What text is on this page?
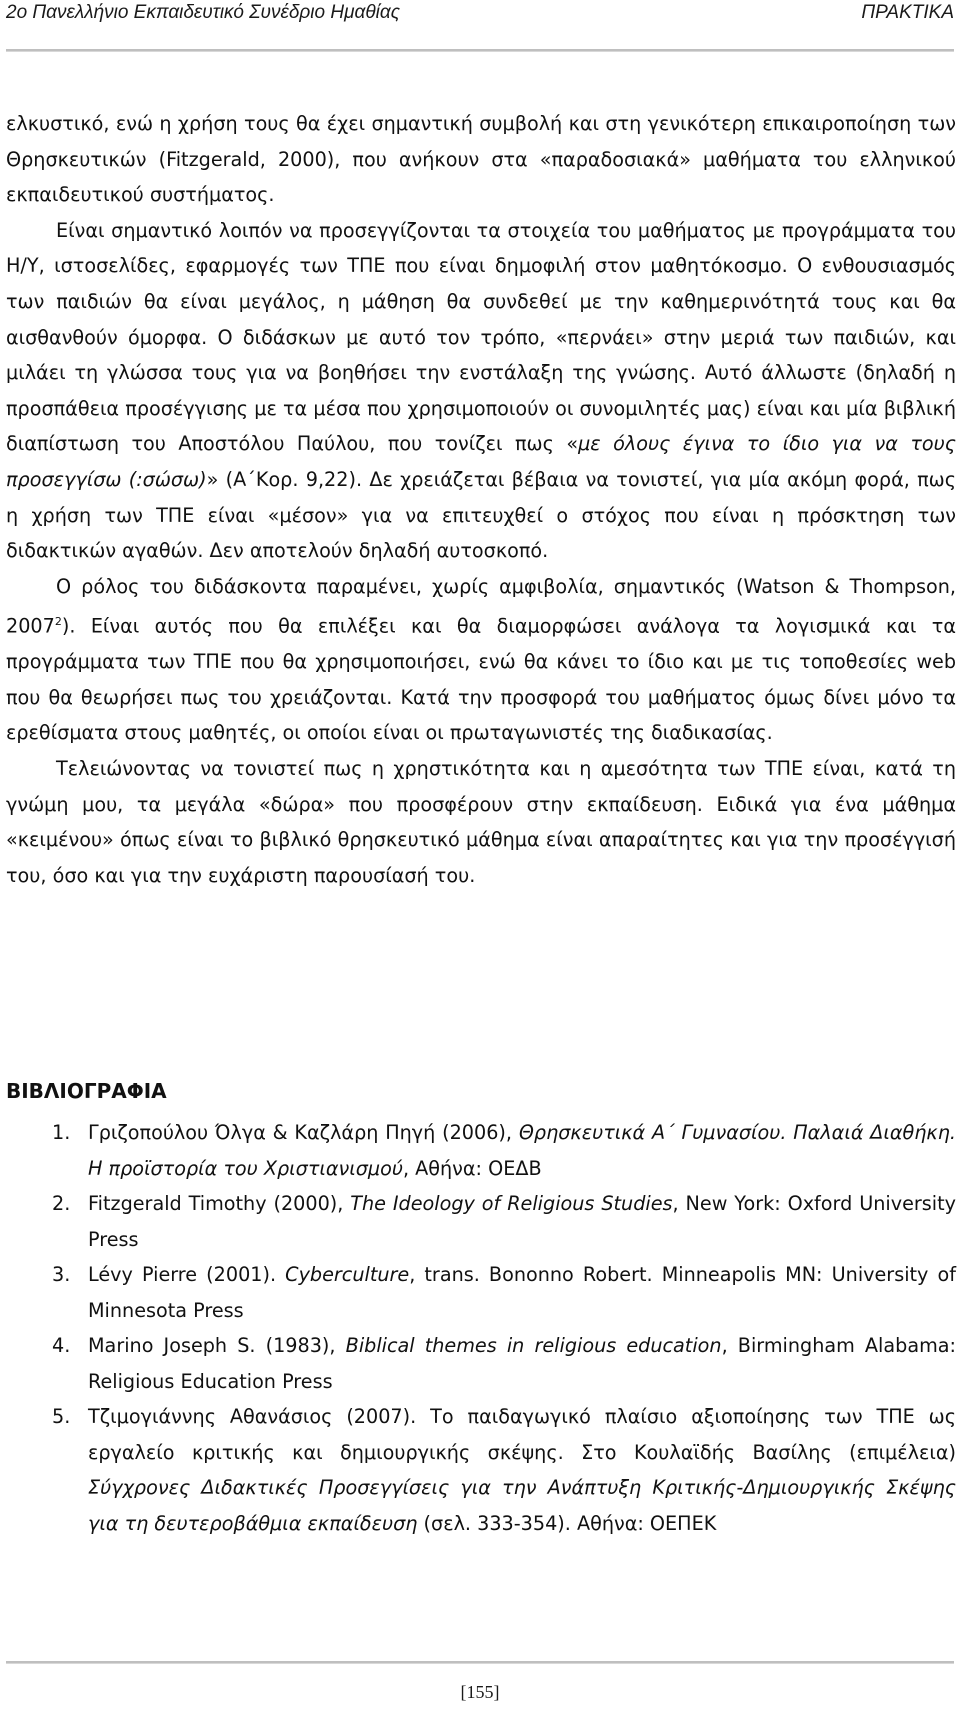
2o Πανελλήνιο Εκπαιδευτικό Συνέδριο Ημαθίας	ΠΡΑΚΤΙΚΑ

ελκυστικό, ενώ η χρήση τους θα έχει σημαντική συμβολή και στη γενικότερη επικαιροποίηση των Θρησκευτικών (Fitzgerald, 2000), που ανήκουν στα «παραδοσιακά» μαθήματα του ελληνικού εκπαιδευτικού συστήματος.

Είναι σημαντικό λοιπόν να προσεγγίζονται τα στοιχεία του μαθήματος με προγράμματα του Η/Υ, ιστοσελίδες, εφαρμογές των ΤΠΕ που είναι δημοφιλή στον μαθητόκοσμο. Ο ενθουσιασμός των παιδιών θα είναι μεγάλος, η μάθηση θα συνδεθεί με την καθημερινότητά τους και θα αισθανθούν όμορφα. Ο διδάσκων με αυτό τον τρόπο, «περνάει» στην μεριά των παιδιών, και μιλάει τη γλώσσα τους για να βοηθήσει την ενστάλαξη της γνώσης. Αυτό άλλωστε (δηλαδή η προσπάθεια προσέγγισης με τα μέσα που χρησιμοποιούν οι συνομιλητές μας) είναι και μία βιβλική διαπίστωση του Αποστόλου Παύλου, που τονίζει πως «με όλους έγινα το ίδιο για να τους προσεγγίσω (:σώσω)» (Α΄Κορ. 9,22). Δε χρειάζεται βέβαια να τονιστεί, για μία ακόμη φορά, πως η χρήση των ΤΠΕ είναι «μέσον» για να επιτευχθεί ο στόχος που είναι η πρόσκτηση των διδακτικών αγαθών. Δεν αποτελούν δηλαδή αυτοσκοπό.

Ο ρόλος του διδάσκοντα παραμένει, χωρίς αμφιβολία, σημαντικός (Watson & Thompson, 2007$^2$). Είναι αυτός που θα επιλέξει και θα διαμορφώσει ανάλογα τα λογισμικά και τα προγράμματα των ΤΠΕ που θα χρησιμοποιήσει, ενώ θα κάνει το ίδιο και με τις τοποθεσίες web που θα θεωρήσει πως του χρειάζονται. Κατά την προσφορά του μαθήματος όμως δίνει μόνο τα ερεθίσματα στους μαθητές, οι οποίοι είναι οι πρωταγωνιστές της διαδικασίας.

Τελειώνοντας να τονιστεί πως η χρηστικότητα και η αμεσότητα των ΤΠΕ είναι, κατά τη γνώμη μου, τα μεγάλα «δώρα» που προσφέρουν στην εκπαίδευση. Ειδικά για ένα μάθημα «κειμένου» όπως είναι το βιβλικό θρησκευτικό μάθημα είναι απαραίτητες και για την προσέγγισή του, όσο και για την ευχάριστη παρουσίασή του.

ΒΙΒΛΙΟΓΡΑΦΙΑ
1. Γριζοπούλου Όλγα & Καζλάρη Πηγή (2006), Θρησκευτικά Α΄ Γυμνασίου. Παλαιά Διαθήκη. Η προϊστορία του Χριστιανισμού, Αθήνα: ΟΕΔΒ
2. Fitzgerald Timothy (2000), The Ideology of Religious Studies, New York: Oxford University Press
3. Lévy Pierre (2001). Cyberculture, trans. Bononno Robert. Minneapolis MN: University of Minnesota Press
4. Marino Joseph S. (1983), Biblical themes in religious education, Birmingham Alabama: Religious Education Press
5. Τζιμογιάννης Αθανάσιος (2007). Το παιδαγωγικό πλαίσιο αξιοποίησης των ΤΠΕ ως εργαλείο κριτικής και δημιουργικής σκέψης. Στο Κουλαϊδής Βασίλης (επιμέλεια) Σύγχρονες Διδακτικές Προσεγγίσεις για την Ανάπτυξη Κριτικής-Δημιουργικής Σκέψης για τη δευτεροβάθμια εκπαίδευση (σελ. 333-354). Αθήνα: ΟΕΠΕΚ
[155]
